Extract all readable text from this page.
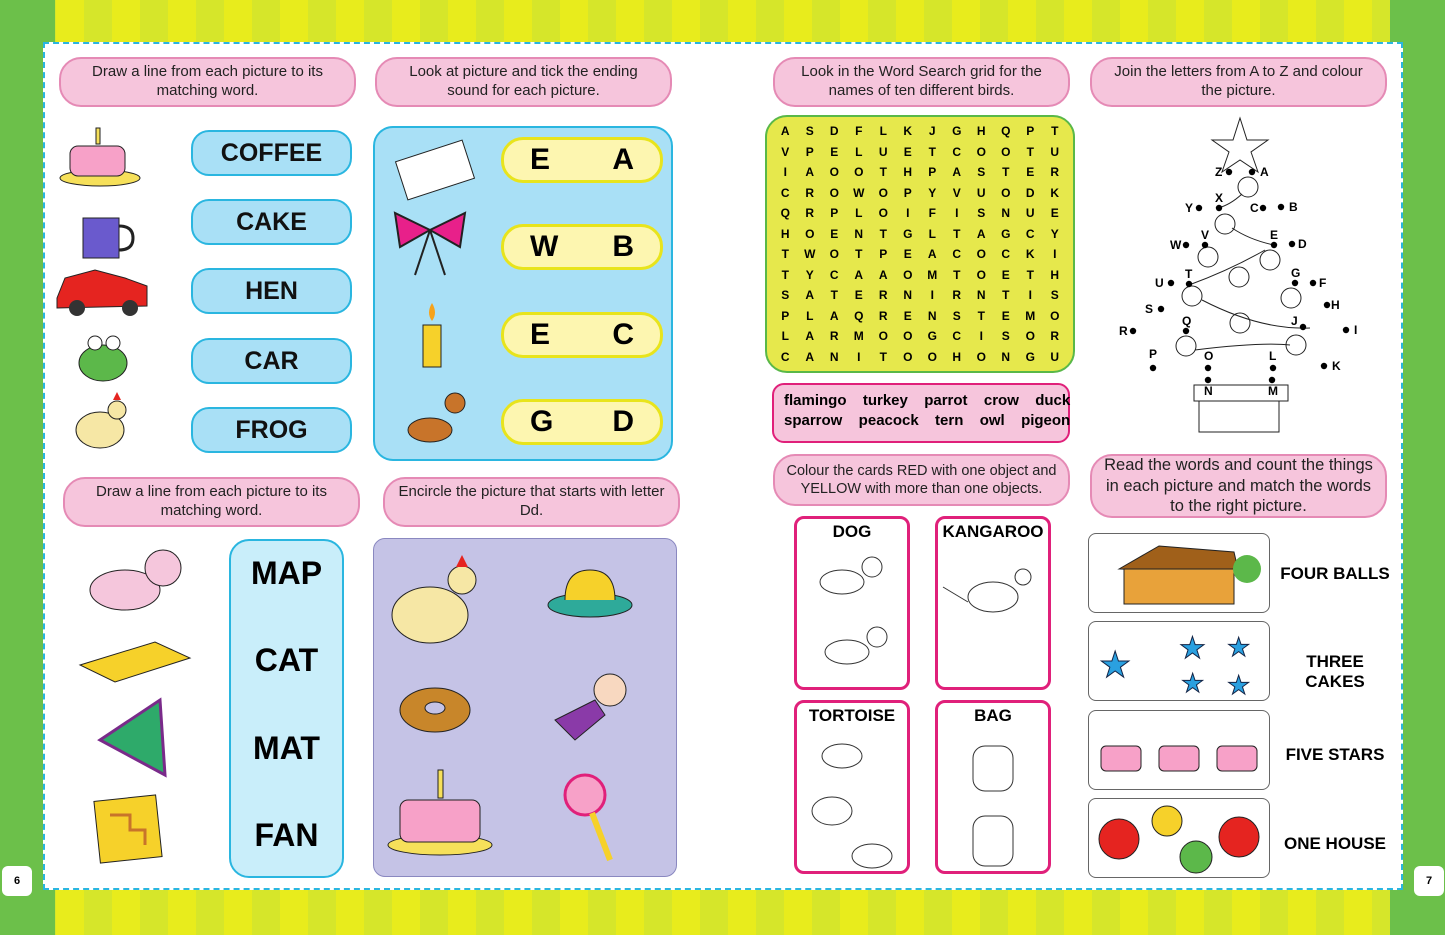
6	7
Draw a line from each picture to its matching word.
COFFEE
CAKE
HEN
CAR
FROG
Look at picture and tick the ending sound for each picture.
E A
W B
E C
G D
Draw a line from each picture to its matching word.
MAP
CAT
MAT
FAN
Encircle the picture that starts with letter Dd.
Look in the Word Search grid for the names of ten different birds.
A	S	D	F	L	K	J	G	H	Q	P	T
V	P	E	L	U	E	T	C	O	O	T	U
I	A	O	O	T	H	P	A	S	T	E	R
C	R	O	W	O	P	Y	V	U	O	D	K
Q	R	P	L	O	I	F	I	S	N	U	E
H	O	E	N	T	G	L	T	A	G	C	Y
T	W	O	T	P	E	A	C	O	C	K	I
T	Y	C	A	A	O	M	T	O	E	T	H
S	A	T	E	R	N	I	R	N	T	I	S
P	L	A	Q	R	E	N	S	T	E	M	O
L	A	R	M	O	O	G	C	I	S	O	R
C	A	N	I	T	O	O	H	O	N	G	U
flamingo  turkey  parrot  crow  duck
sparrow  peacock  tern  owl  pigeon
Join the letters from A to Z and colour the picture.
Z	A
X
Y	C	B
V
W
E
D
T
U
G
F
S	H
Q
R
J
I
P	O	L
K
N	M
Colour the cards RED with one object and YELLOW with more than one objects.
DOG	KANGAROO
TORTOISE	BAG
Read the words and count the things in each picture and match the words to the right picture.
★ ★ ★
★ ★
FOUR BALLS
THREE CAKES
FIVE STARS
ONE HOUSE
